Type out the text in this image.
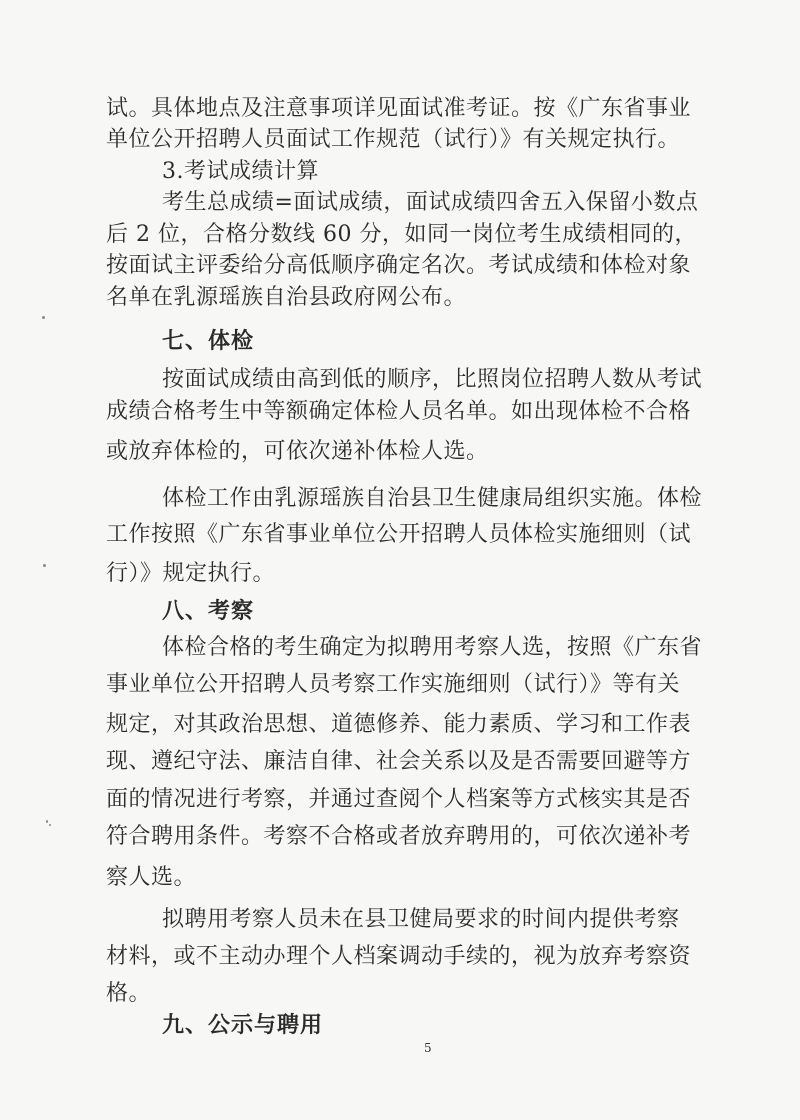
试。具体地点及注意事项详见面试准考证。按《广东省事业
单位公开招聘人员面试工作规范（试行）》有关规定执行。
3.考试成绩计算
考生总成绩=面试成绩，面试成绩四舍五入保留小数点
后 2 位，合格分数线 60 分，如同一岗位考生成绩相同的，
按面试主评委给分高低顺序确定名次。考试成绩和体检对象
名单在乳源瑶族自治县政府网公布。
七、体检
按面试成绩由高到低的顺序，比照岗位招聘人数从考试
成绩合格考生中等额确定体检人员名单。如出现体检不合格
或放弃体检的，可依次递补体检人选。
体检工作由乳源瑶族自治县卫生健康局组织实施。体检
工作按照《广东省事业单位公开招聘人员体检实施细则（试
行）》规定执行。
八、考察
体检合格的考生确定为拟聘用考察人选，按照《广东省
事业单位公开招聘人员考察工作实施细则（试行）》等有关
规定，对其政治思想、道德修养、能力素质、学习和工作表
现、遵纪守法、廉洁自律、社会关系以及是否需要回避等方
面的情况进行考察，并通过查阅个人档案等方式核实其是否
符合聘用条件。考察不合格或者放弃聘用的，可依次递补考
察人选。
拟聘用考察人员未在县卫健局要求的时间内提供考察
材料，或不主动办理个人档案调动手续的，视为放弃考察资
格。
九、公示与聘用
5
